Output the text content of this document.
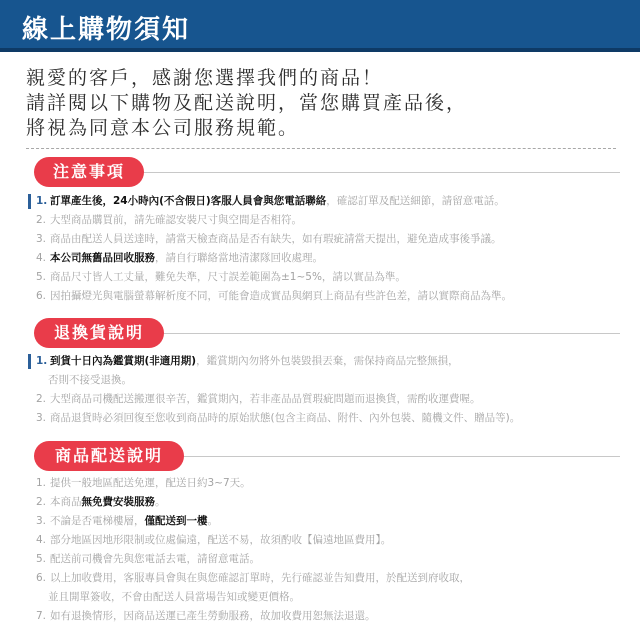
線上購物須知
親愛的客戶，感謝您選擇我們的商品！
請詳閱以下購物及配送說明，當您購買產品後，
將視為同意本公司服務規範。
注意事項
1. 訂單產生後，24小時內(不含假日)客服人員會與您電話聯絡，確認訂單及配送細節，請留意電話。
2. 大型商品購買前，請先確認安裝尺寸與空間是否相符。
3. 商品由配送人員送達時，請當天檢查商品是否有缺失，如有瑕疵請當天提出，避免造成事後爭議。
4. 本公司無舊品回收服務，請自行聯絡當地清潔隊回收處理。
5. 商品尺寸皆人工丈量，難免失準，尺寸誤差範圍為±1~5%，請以實品為準。
6. 因拍攝燈光與電腦螢幕解析度不同，可能會造成實品與網頁上商品有些許色差，請以實際商品為準。
退換貨說明
1. 到貨十日內為鑑賞期(非適用期)，鑑賞期內勿將外包裝毀損丟棄，需保持商品完整無損，
否則不接受退換。
2. 大型商品司機配送搬運很辛苦，鑑賞期內，若非產品品質瑕疵問題而退換貨，需酌收運費喔。
3. 商品退貨時必須回復至您收到商品時的原始狀態(包含主商品、附件、內外包裝、隨機文件、贈品等)。
商品配送說明
1. 提供一般地區配送免運，配送日約3~7天。
2. 本商品無免費安裝服務。
3. 不論是否電梯樓層，僅配送到一樓。
4. 部分地區因地形限制或位處偏遠，配送不易，故須酌收【偏遠地區費用】。
5. 配送前司機會先與您電話去電，請留意電話。
6. 以上加收費用，客服專員會與在與您確認訂單時，先行確認並告知費用，於配送到府收取，
並且開單簽收，不會由配送人員當場告知或變更價格。
7. 如有退換情形，因商品送運已產生勞動服務，故加收費用恕無法退還。
